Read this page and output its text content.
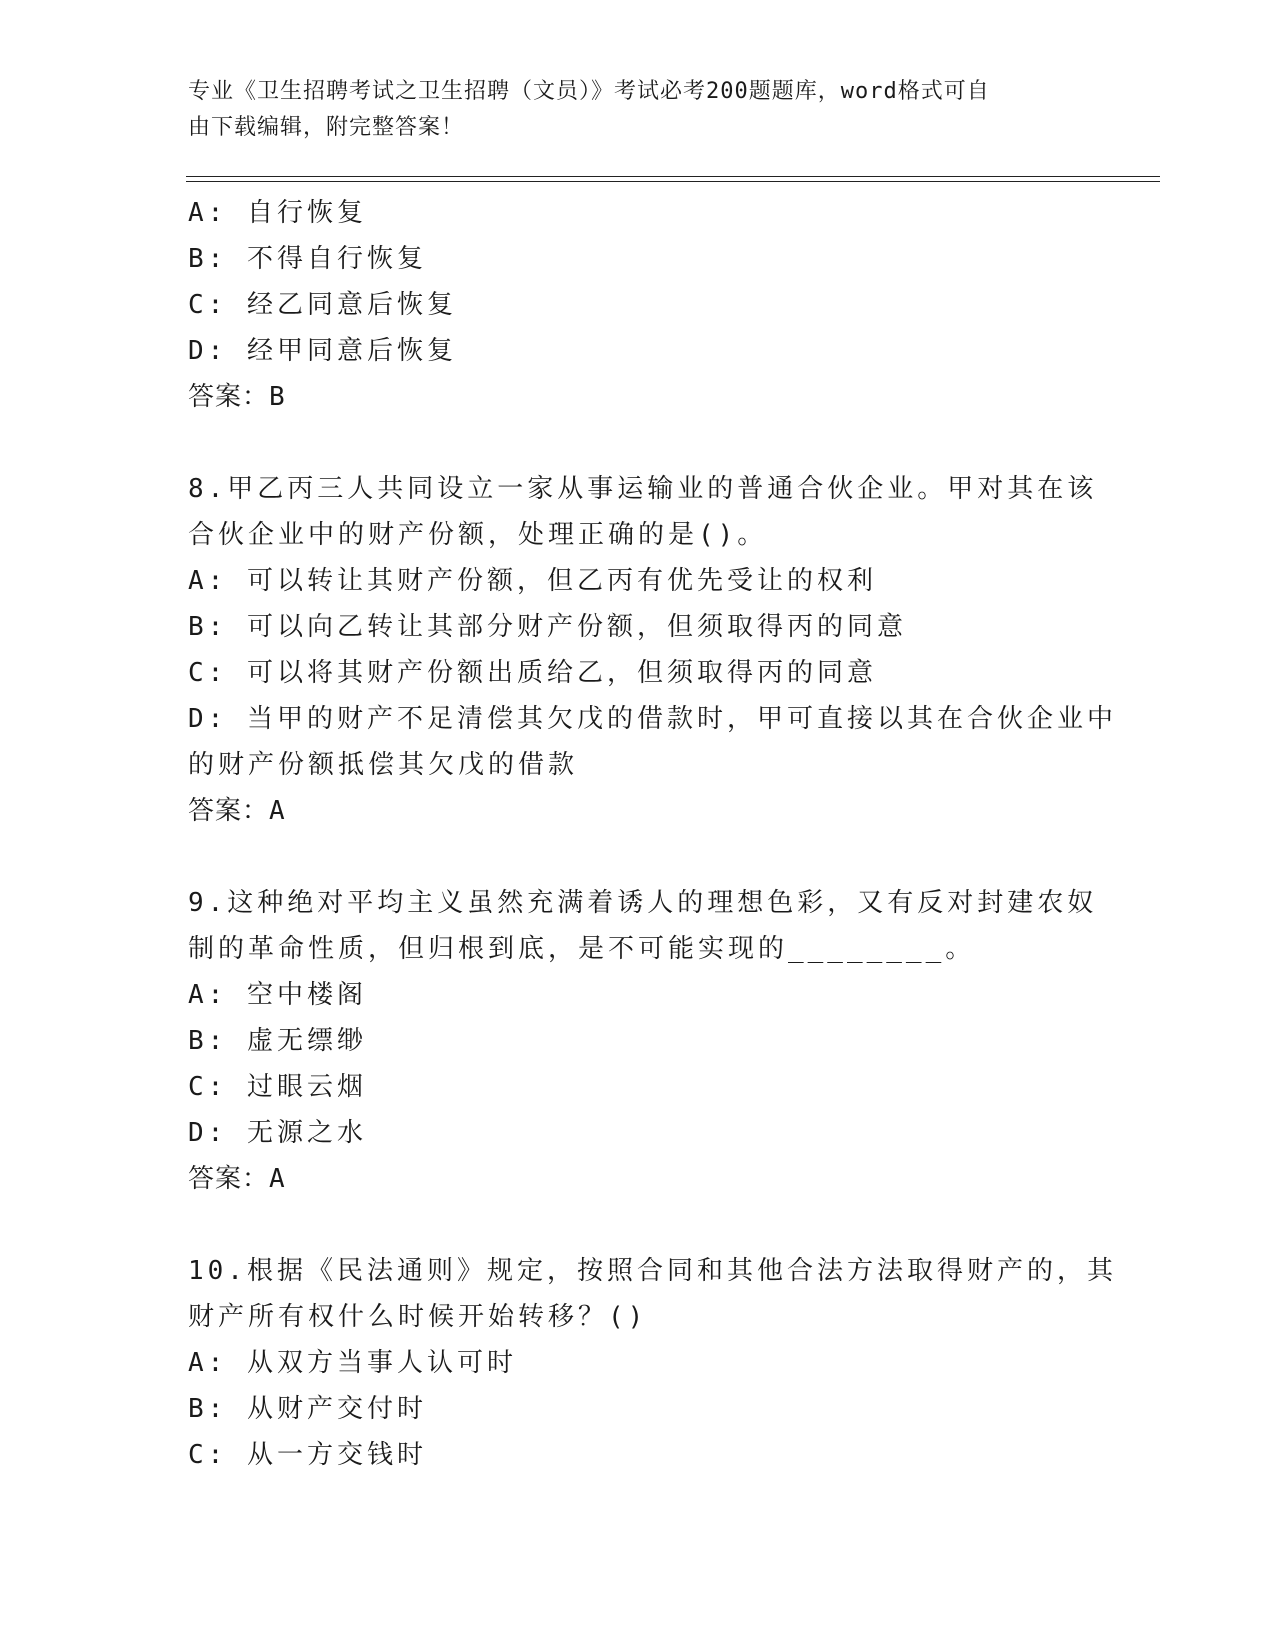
专业《卫生招聘考试之卫生招聘（文员）》考试必考200题题库，word格式可自
由下载编辑，附完整答案！
A: 自行恢复
B: 不得自行恢复
C: 经乙同意后恢复
D: 经甲同意后恢复
答案：B
8.甲乙丙三人共同设立一家从事运输业的普通合伙企业。甲对其在该
合伙企业中的财产份额，处理正确的是()。
A: 可以转让其财产份额，但乙丙有优先受让的权利
B: 可以向乙转让其部分财产份额，但须取得丙的同意
C: 可以将其财产份额出质给乙，但须取得丙的同意
D: 当甲的财产不足清偿其欠戊的借款时，甲可直接以其在合伙企业中
的财产份额抵偿其欠戊的借款
答案：A
9.这种绝对平均主义虽然充满着诱人的理想色彩，又有反对封建农奴
制的革命性质，但归根到底，是不可能实现的________。
A: 空中楼阁
B: 虚无缥缈
C: 过眼云烟
D: 无源之水
答案：A
10.根据《民法通则》规定，按照合同和其他合法方法取得财产的，其
财产所有权什么时候开始转移？()
A: 从双方当事人认可时
B: 从财产交付时
C: 从一方交钱时
